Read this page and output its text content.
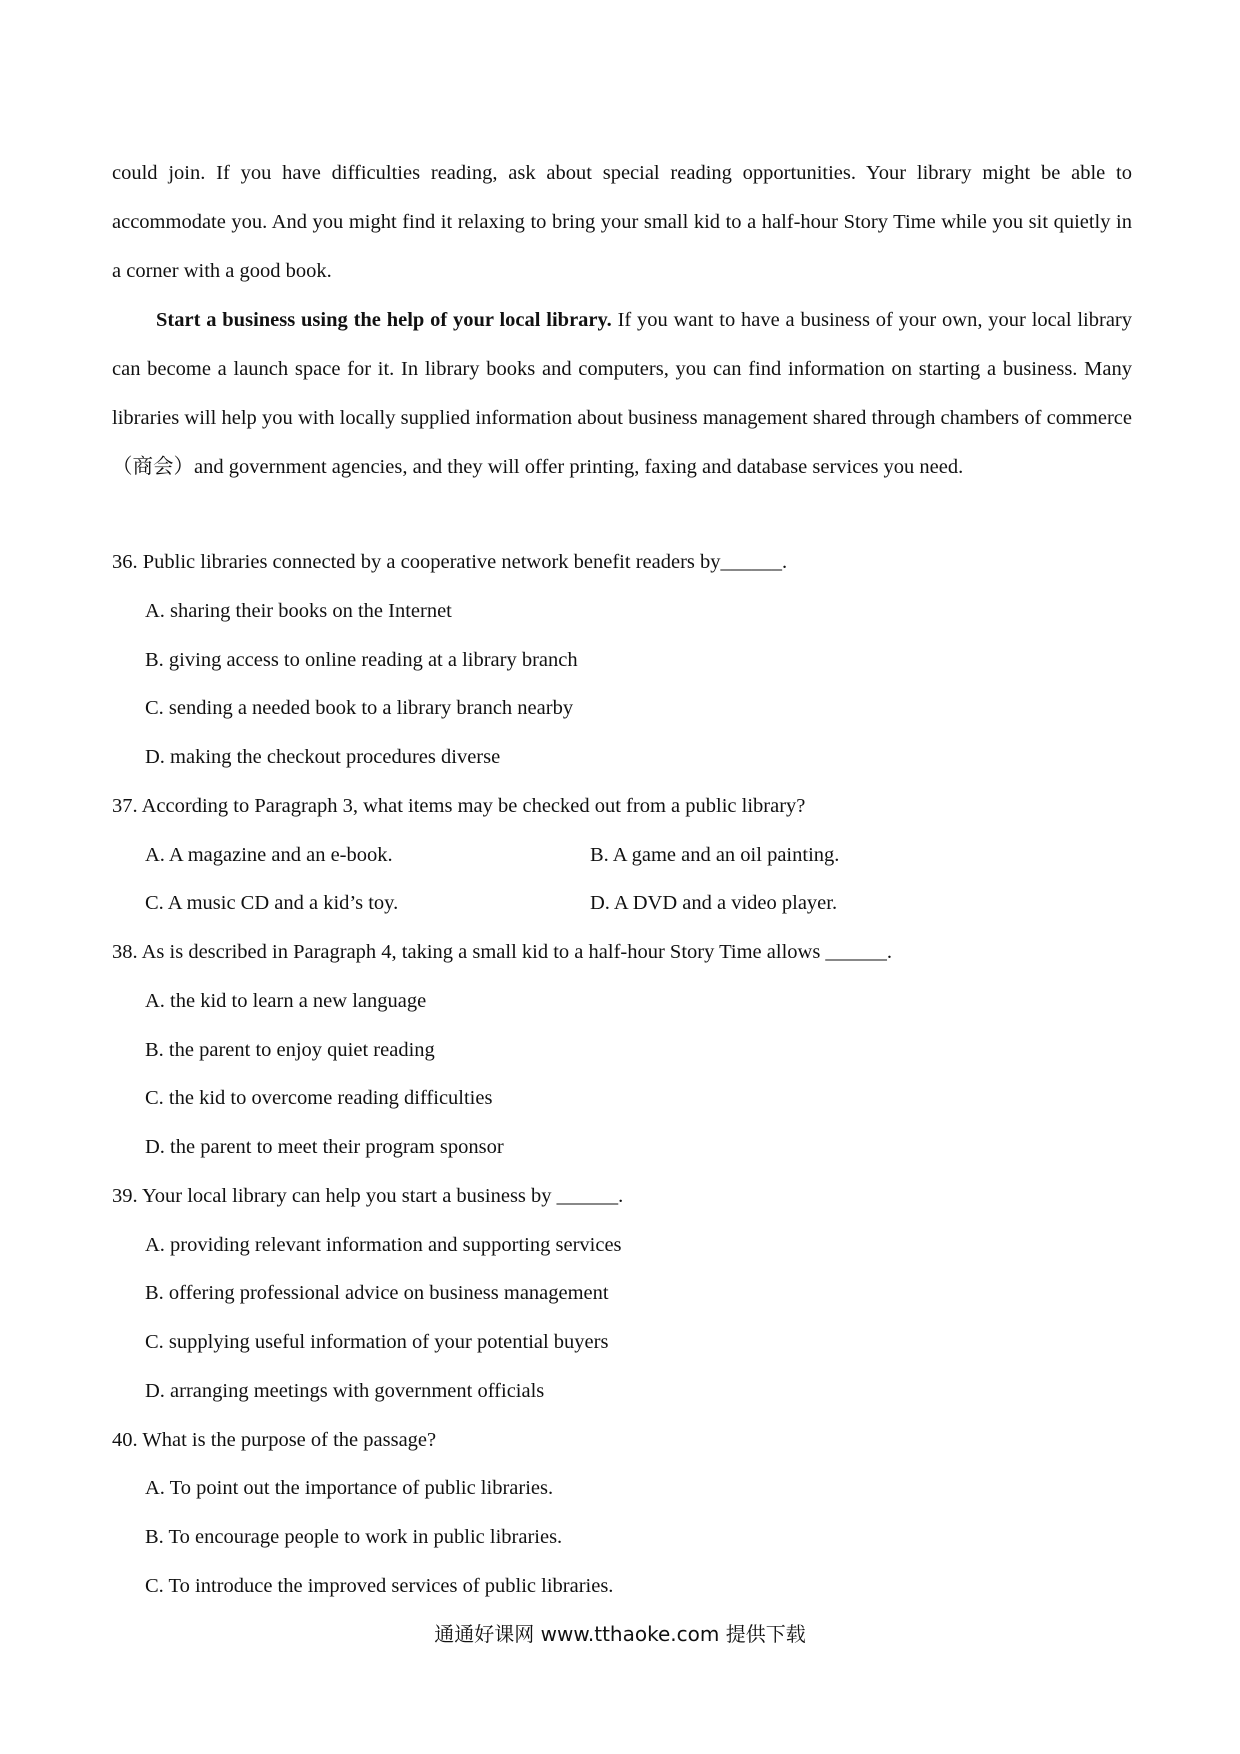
could join. If you have difficulties reading, ask about special reading opportunities. Your library might be able to accommodate you. And you might find it relaxing to bring your small kid to a half-hour Story Time while you sit quietly in a corner with a good book.

Start a business using the help of your local library. If you want to have a business of your own, your local library can become a launch space for it. In library books and computers, you can find information on starting a business. Many libraries will help you with locally supplied information about business management shared through chambers of commerce（商会）and government agencies, and they will offer printing, faxing and database services you need.

36. Public libraries connected by a cooperative network benefit readers by______.

A. sharing their books on the Internet

B. giving access to online reading at a library branch

C. sending a needed book to a library branch nearby

D. making the checkout procedures diverse

37. According to Paragraph 3, what items may be checked out from a public library?

A. A magazine and an e-book.	B. A game and an oil painting.

C. A music CD and a kid’s toy.	D. A DVD and a video player.

38. As is described in Paragraph 4, taking a small kid to a half-hour Story Time allows ______.

A. the kid to learn a new language

B. the parent to enjoy quiet reading

C. the kid to overcome reading difficulties

D. the parent to meet their program sponsor

39. Your local library can help you start a business by ______.

A. providing relevant information and supporting services

B. offering professional advice on business management

C. supplying useful information of your potential buyers

D. arranging meetings with government officials

40. What is the purpose of the passage?

A. To point out the importance of public libraries.

B. To encourage people to work in public libraries.

C. To introduce the improved services of public libraries.

通通好课网 www.tthaoke.com 提供下载
